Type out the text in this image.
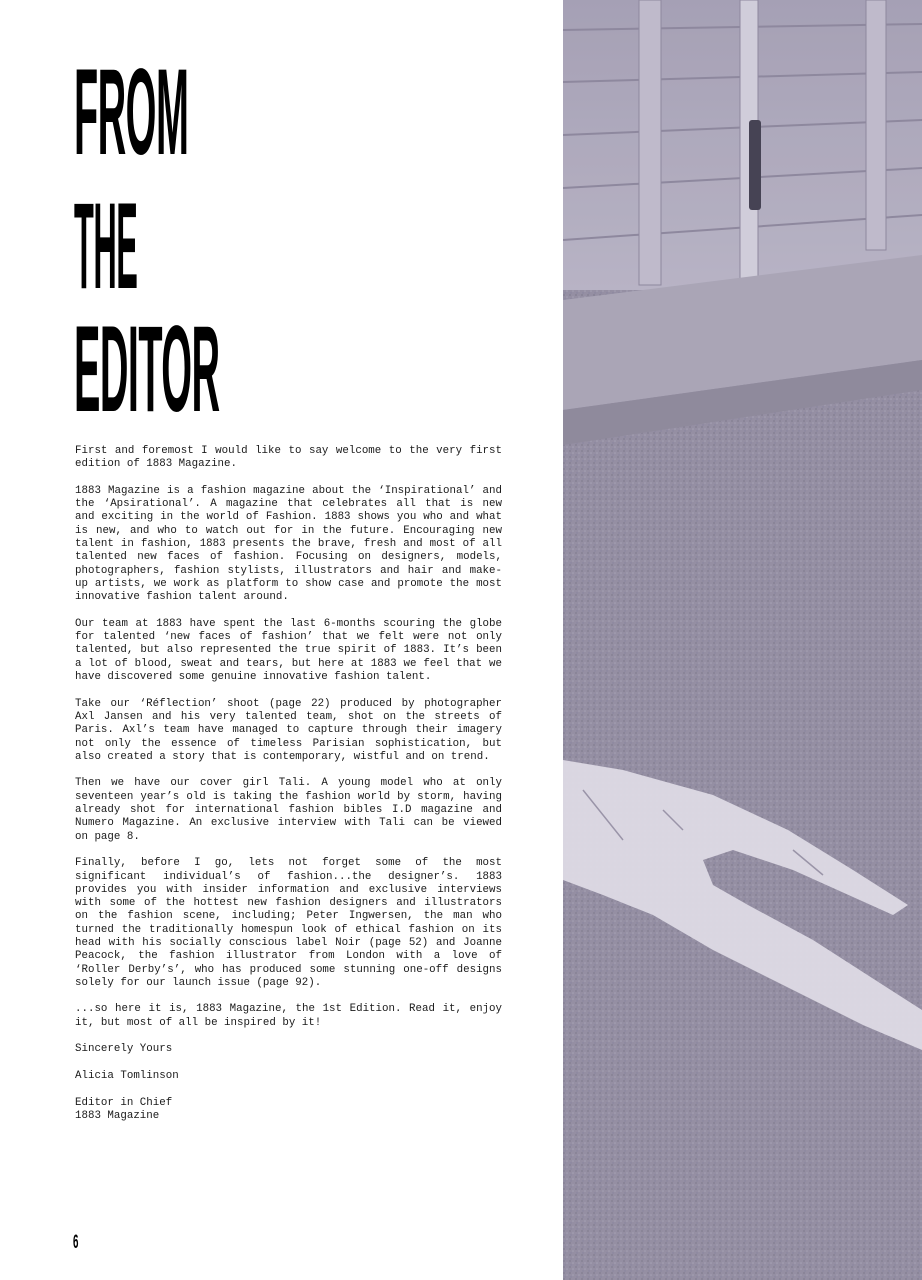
FROM
THE
EDITOR

First and foremost I would like to say welcome to the very first edition of 1883 Magazine.

1883 Magazine is a fashion magazine about the ‘Inspirational’ and the ‘Apsirational’. A magazine that celebrates all that is new and exciting in the world of Fashion. 1883 shows you who and what is new, and who to watch out for in the future. Encouraging new talent in fashion, 1883 presents the brave, fresh and most of all talented new faces of fashion. Focusing on designers, models, photographers, fashion stylists, illustrators and hair and make-up artists, we work as platform to show case and promote the most innovative fashion talent around.

Our team at 1883 have spent the last 6-months scouring the globe for talented ‘new faces of fashion’ that we felt were not only talented, but also represented the true spirit of 1883. It’s been a lot of blood, sweat and tears, but here at 1883 we feel that we have discovered some genuine innovative fashion talent.

Take our ‘Réflection’ shoot (page 22) produced by photographer Axl Jansen and his very talented team, shot on the streets of Paris. Axl’s team have managed to capture through their imagery not only the essence of timeless Parisian sophistication, but also created a story that is contemporary, wistful and on trend.

Then we have our cover girl Tali. A young model who at only seventeen year’s old is taking the fashion world by storm, having already shot for international fashion bibles I.D magazine and Numero Magazine. An exclusive interview with Tali can be viewed on page 8.

Finally, before I go, lets not forget some of the most significant individual’s of fashion...the designer’s. 1883 provides you with insider information and exclusive interviews with some of the hottest new fashion designers and illustrators on the fashion scene, including; Peter Ingwersen, the man who turned the traditionally homespun look of ethical fashion on its head with his socially conscious label Noir (page 52) and Joanne Peacock, the fashion illustrator from London with a love of ‘Roller Derby’s’, who has produced some stunning one-off designs solely for our launch issue (page 92).

...so here it is, 1883 Magazine, the 1st Edition. Read it, enjoy it, but most of all be inspired by it!

Sincerely Yours

Alicia Tomlinson

Editor in Chief
1883 Magazine

6
